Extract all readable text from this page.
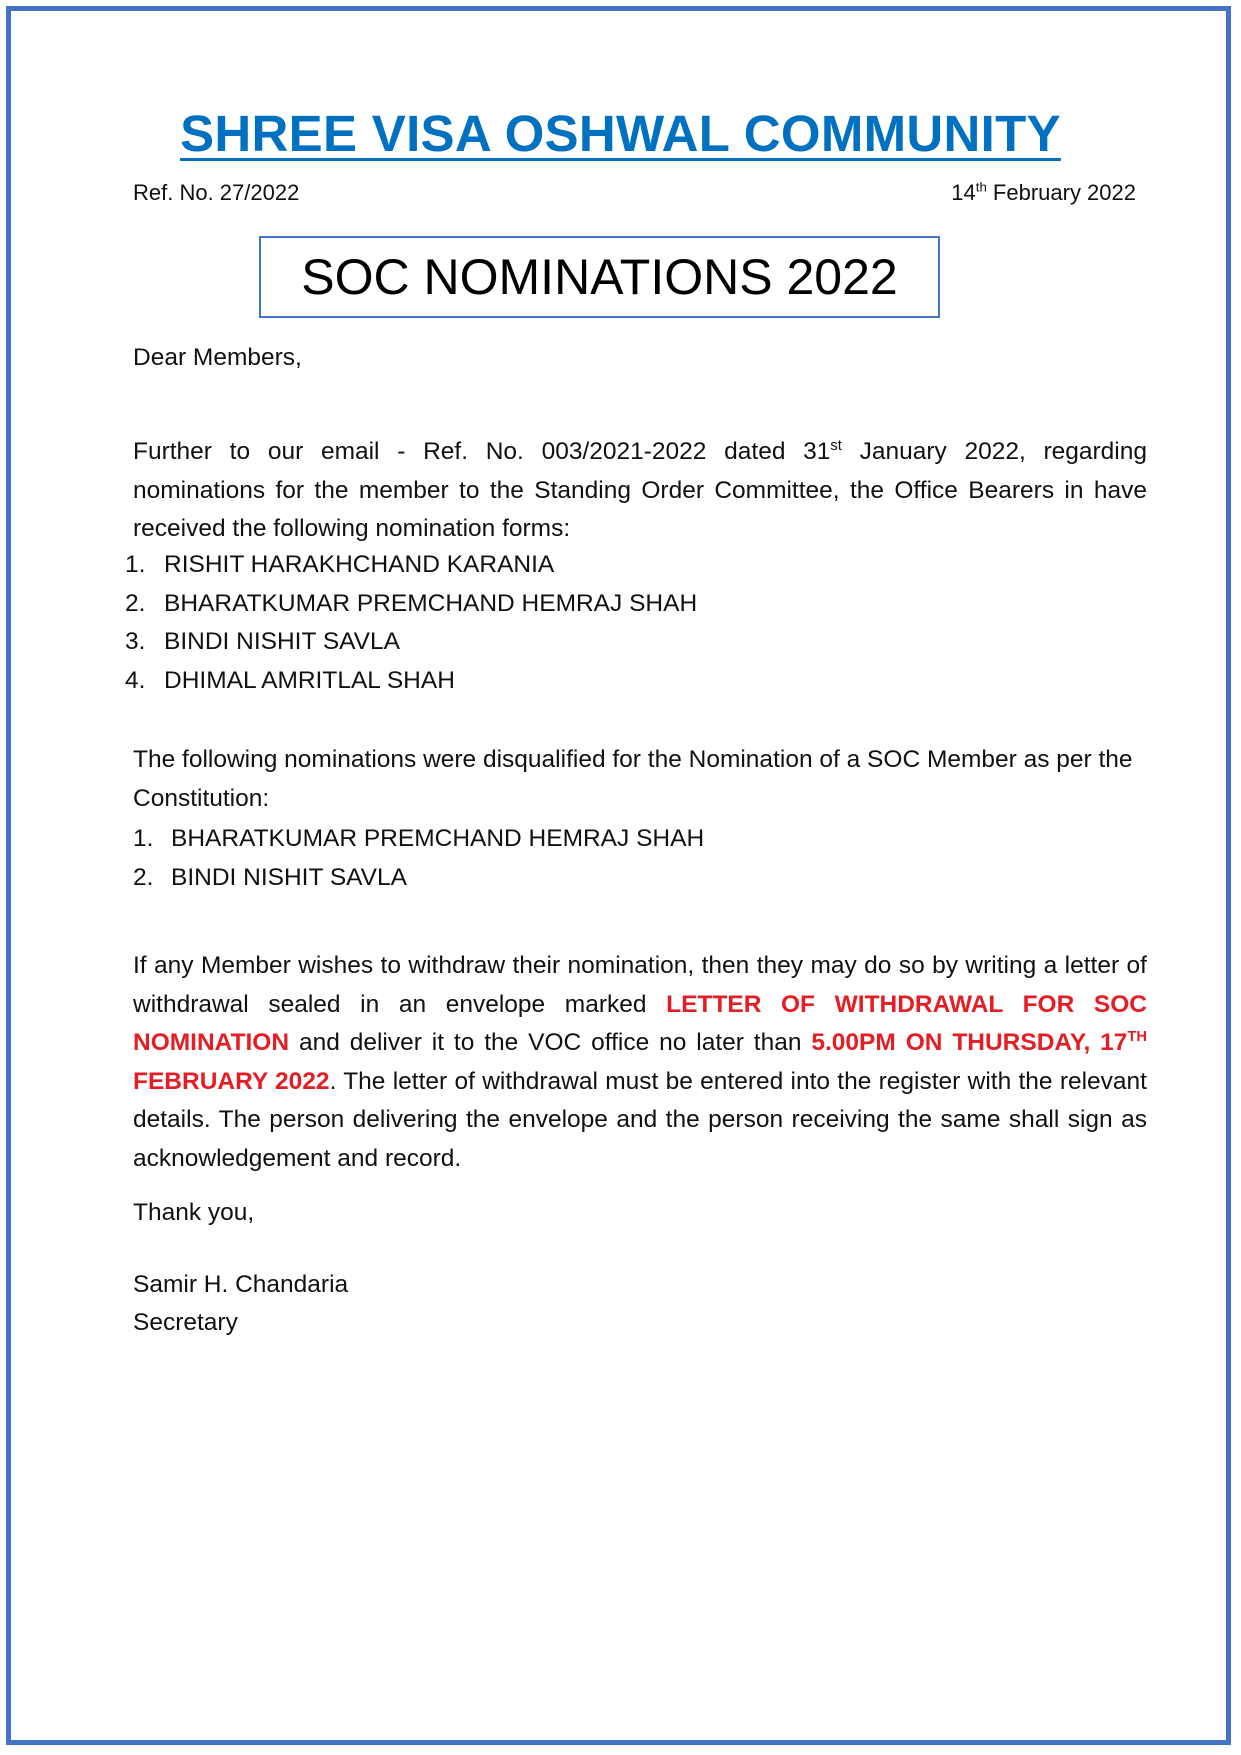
SHREE VISA OSHWAL COMMUNITY
Ref. No. 27/2022	14th February 2022
SOC NOMINATIONS 2022

Dear Members,

Further to our email - Ref. No. 003/2021-2022 dated 31st January 2022, regarding nominations for the member to the Standing Order Committee, the Office Bearers in have received the following nomination forms:

1. RISHIT HARAKHCHAND KARANIA
2. BHARATKUMAR PREMCHAND HEMRAJ SHAH
3. BINDI NISHIT SAVLA
4. DHIMAL AMRITLAL SHAH

The following nominations were disqualified for the Nomination of a SOC Member as per the Constitution:

1. BHARATKUMAR PREMCHAND HEMRAJ SHAH
2. BINDI NISHIT SAVLA

If any Member wishes to withdraw their nomination, then they may do so by writing a letter of withdrawal sealed in an envelope marked LETTER OF WITHDRAWAL FOR SOC NOMINATION and deliver it to the VOC office no later than 5.00PM ON THURSDAY, 17TH FEBRUARY 2022. The letter of withdrawal must be entered into the register with the relevant details. The person delivering the envelope and the person receiving the same shall sign as acknowledgement and record.

Thank you,

Samir H. Chandaria

Secretary
